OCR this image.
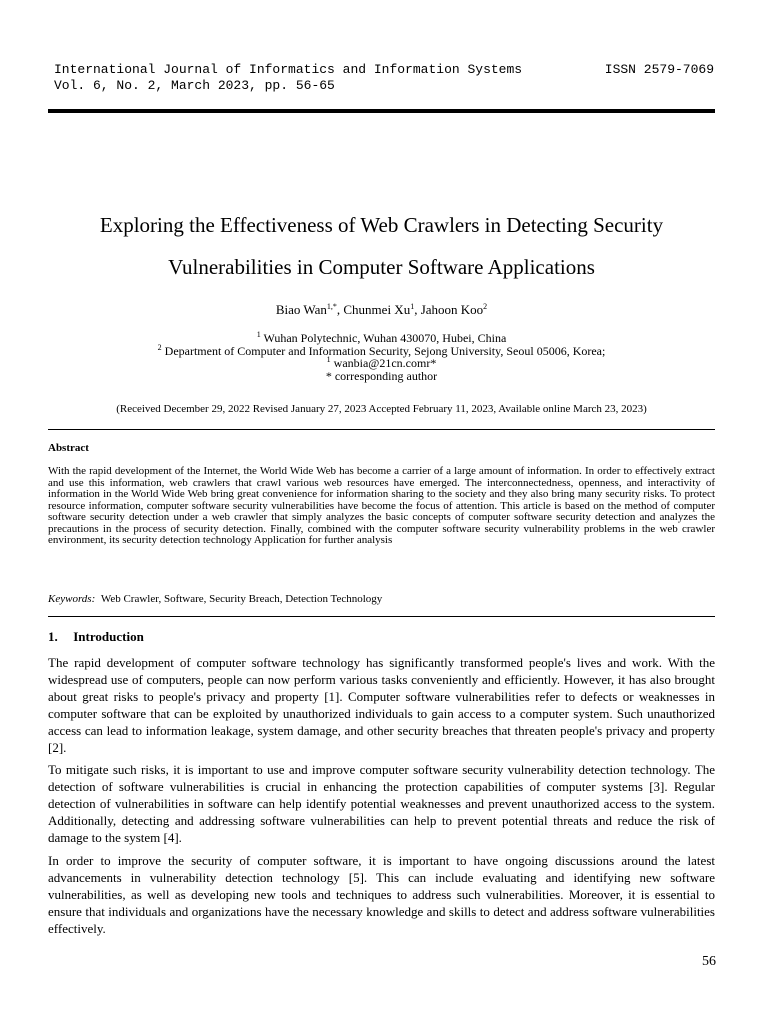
International Journal of Informatics and Information Systems	ISSN 2579-7069
Vol. 6, No. 2, March 2023, pp. 56-65
Exploring the Effectiveness of Web Crawlers in Detecting Security
Vulnerabilities in Computer Software Applications
Biao Wan$^{1,*}$, Chunmei Xu$^1$, Jahoon Koo$^2$
$^1$ Wuhan Polytechnic, Wuhan 430070, Hubei, China
$^2$ Department of Computer and Information Security, Sejong University, Seoul 05006, Korea;
$^1$ wanbia@21cn.comr*
* corresponding author
(Received December 29, 2022 Revised January 27, 2023 Accepted February 11, 2023, Available online March 23, 2023)
Abstract
With the rapid development of the Internet, the World Wide Web has become a carrier of a large amount of information. In order to effectively extract and use this information, web crawlers that crawl various web resources have emerged. The interconnectedness, openness, and interactivity of information in the World Wide Web bring great convenience for information sharing to the society and they also bring many security risks. To protect resource information, computer software security vulnerabilities have become the focus of attention. This article is based on the method of computer software security detection under a web crawler that simply analyzes the basic concepts of computer software security detection and analyzes the precautions in the process of security detection. Finally, combined with the computer software security vulnerability problems in the web crawler environment, its security detection technology Application for further analysis
Keywords: Web Crawler, Software, Security Breach, Detection Technology
1. Introduction
The rapid development of computer software technology has significantly transformed people's lives and work. With the widespread use of computers, people can now perform various tasks conveniently and efficiently. However, it has also brought about great risks to people's privacy and property [1]. Computer software vulnerabilities refer to defects or weaknesses in computer software that can be exploited by unauthorized individuals to gain access to a computer system. Such unauthorized access can lead to information leakage, system damage, and other security breaches that threaten people's privacy and property [2].
To mitigate such risks, it is important to use and improve computer software security vulnerability detection technology. The detection of software vulnerabilities is crucial in enhancing the protection capabilities of computer systems [3]. Regular detection of vulnerabilities in software can help identify potential weaknesses and prevent unauthorized access to the system. Additionally, detecting and addressing software vulnerabilities can help to prevent potential threats and reduce the risk of damage to the system [4].
In order to improve the security of computer software, it is important to have ongoing discussions around the latest advancements in vulnerability detection technology [5]. This can include evaluating and identifying new software vulnerabilities, as well as developing new tools and techniques to address such vulnerabilities. Moreover, it is essential to ensure that individuals and organizations have the necessary knowledge and skills to detect and address software vulnerabilities effectively.
56
